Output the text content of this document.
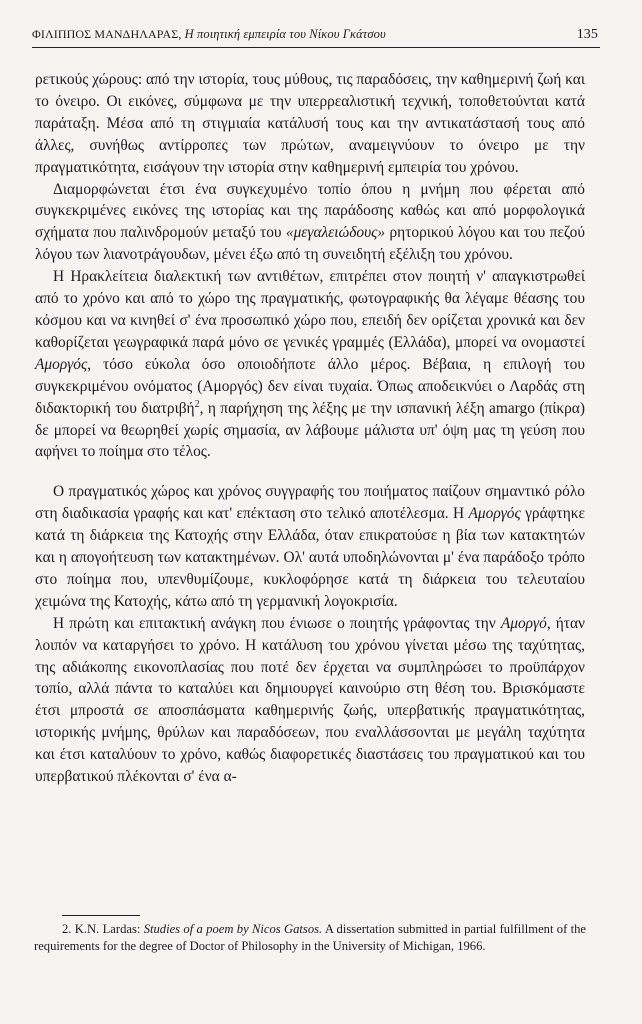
ΦΙΛΙΠΠΟΣ ΜΑΝΔΗΛΑΡΑΣ, Η ποιητική εμπειρία του Νίκου Γκάτσου	135

ρετικούς χώρους: από την ιστορία, τους μύθους, τις παραδόσεις, την καθημερινή ζωή και το όνειρο. Οι εικόνες, σύμφωνα με την υπερρεαλιστική τεχνική, τοποθετούνται κατά παράταξη. Μέσα από τη στιγμιαία κατάλυσή τους και την αντικατάστασή τους από άλλες, συνήθως αντίρροπες των πρώτων, αναμειγνύουν το όνειρο με την πραγματικότητα, εισάγουν την ιστορία στην καθημερινή εμπειρία του χρόνου.

Διαμορφώνεται έτσι ένα συγκεχυμένο τοπίο όπου η μνήμη που φέρεται από συγκεκριμένες εικόνες της ιστορίας και της παράδοσης καθώς και από μορφολογικά σχήματα που παλινδρομούν μεταξύ του «μεγαλειώδους» ρητορικού λόγου και του πεζού λόγου των λιανοτράγουδων, μένει έξω από τη συνειδητή εξέλιξη του χρόνου.

Η Ηρακλείτεια διαλεκτική των αντιθέτων, επιτρέπει στον ποιητή ν' απαγκιστρωθεί από το χρόνο και από το χώρο της πραγματικής, φωτογραφικής θα λέγαμε θέασης του κόσμου και να κινηθεί σ' ένα προσωπικό χώρο που, επειδή δεν ορίζεται χρονικά και δεν καθορίζεται γεωγραφικά παρά μόνο σε γενικές γραμμές (Ελλάδα), μπορεί να ονομαστεί Αμοργός, τόσο εύκολα όσο οποιοδήποτε άλλο μέρος. Βέβαια, η επιλογή του συγκεκριμένου ονόματος (Αμοργός) δεν είναι τυχαία. Όπως αποδεικνύει ο Λαρδάς στη διδακτορική του διατριβή$^2$, η παρήχηση της λέξης με την ισπανική λέξη amargo (πίκρα) δε μπορεί να θεωρηθεί χωρίς σημασία, αν λάβουμε μάλιστα υπ' όψη μας τη γεύση που αφήνει το ποίημα στο τέλος.

Ο πραγματικός χώρος και χρόνος συγγραφής του ποιήματος παίζουν σημαντικό ρόλο στη διαδικασία γραφής και κατ' επέκταση στο τελικό αποτέλεσμα. Η Αμοργός γράφτηκε κατά τη διάρκεια της Κατοχής στην Ελλάδα, όταν επικρατούσε η βία των κατακτητών και η απογοήτευση των κατακτημένων. Ολ' αυτά υποδηλώνονται μ' ένα παράδοξο τρόπο στο ποίημα που, υπενθυμίζουμε, κυκλοφόρησε κατά τη διάρκεια του τελευταίου χειμώνα της Κατοχής, κάτω από τη γερμανική λογοκρισία.

Η πρώτη και επιτακτική ανάγκη που ένιωσε ο ποιητής γράφοντας την Αμοργό, ήταν λοιπόν να καταργήσει το χρόνο. Η κατάλυση του χρόνου γίνεται μέσω της ταχύτητας, της αδιάκοπης εικονοπλασίας που ποτέ δεν έρχεται να συμπληρώσει το προϋπάρχον τοπίο, αλλά πάντα το καταλύει και δημιουργεί καινούριο στη θέση του. Βρισκόμαστε έτσι μπροστά σε αποσπάσματα καθημερινής ζωής, υπερβατικής πραγματικότητας, ιστορικής μνήμης, θρύλων και παραδόσεων, που εναλλάσσονται με μεγάλη ταχύτητα και έτσι καταλύουν το χρόνο, καθώς διαφορετικές διαστάσεις του πραγματικού και του υπερβατικού πλέκονται σ' ένα α-

2. K.N. Lardas: Studies of a poem by Nicos Gatsos. A dissertation submitted in partial fulfillment of the requirements for the degree of Doctor of Philosophy in the University of Michigan, 1966.
